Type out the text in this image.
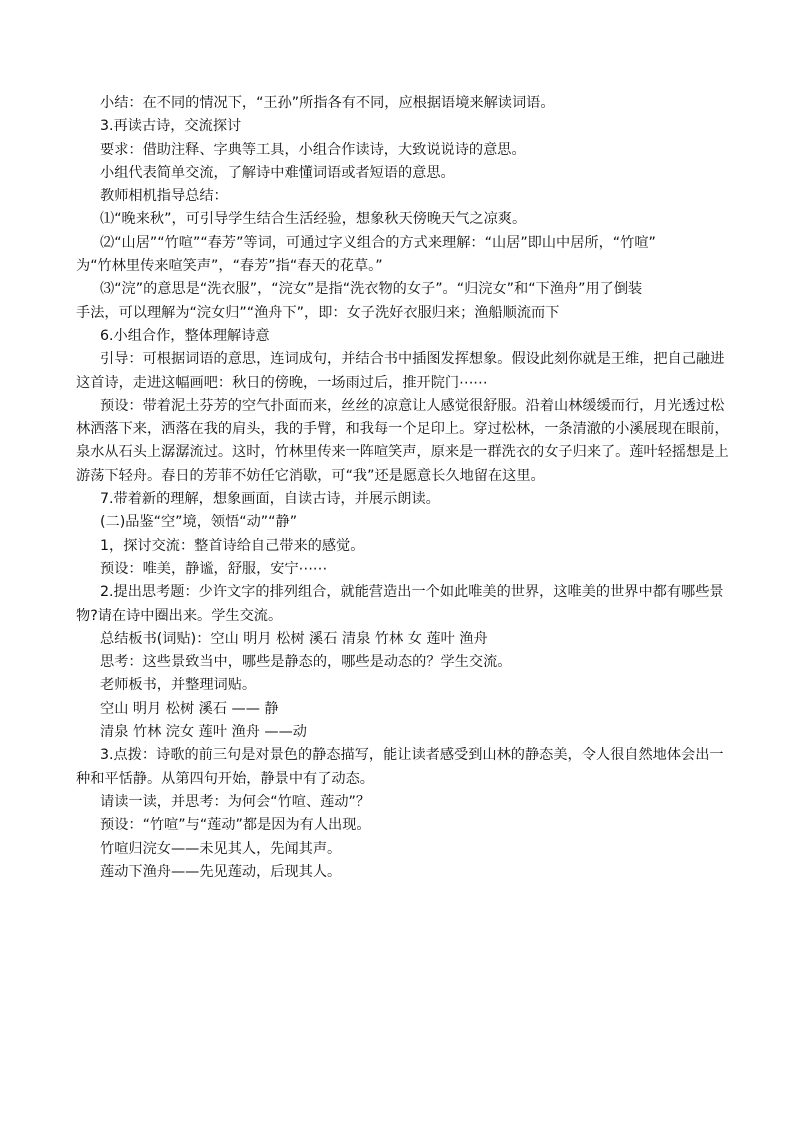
小结：在不同的情况下，“王孙”所指各有不同，应根据语境来解读词语。
3.再读古诗，交流探讨
要求：借助注释、字典等工具，小组合作读诗，大致说说诗的意思。
小组代表简单交流，了解诗中难懂词语或者短语的意思。
教师相机指导总结：
⑴“晚来秋”，可引导学生结合生活经验，想象秋天傍晚天气之凉爽。
⑵“山居”“竹喧”“春芳”等词，可通过字义组合的方式来理解：“山居”即山中居所，“竹喧”
为“竹林里传来喧笑声”，“春芳”指“春天的花草。”
⑶“浣”的意思是“洗衣服”，“浣女”是指“洗衣物的女子”。“归浣女”和“下渔舟”用了倒装
手法，可以理解为“浣女归”“渔舟下”，即：女子洗好衣服归来；渔船顺流而下
6.小组合作，整体理解诗意
引导：可根据词语的意思，连词成句，并结合书中插图发挥想象。假设此刻你就是王维，把自己融进
这首诗，走进这幅画吧：秋日的傍晚，一场雨过后，推开院门⋯⋯
预设：带着泥土芬芳的空气扑面而来，丝丝的凉意让人感觉很舒服。沿着山林缓缓而行，月光透过松
林洒落下来，洒落在我的肩头，我的手臂，和我每一个足印上。穿过松林，一条清澈的小溪展现在眼前，
泉水从石头上潺潺流过。这时，竹林里传来一阵喧笑声，原来是一群洗衣的女子归来了。莲叶轻摇想是上
游荡下轻舟。春日的芳菲不妨任它消歇，可“我”还是愿意长久地留在这里。
7.带着新的理解，想象画面，自读古诗，并展示朗读。
(二)品鉴“空”境，领悟“动”“静”
1，探讨交流：整首诗给自己带来的感觉。
预设：唯美，静谧，舒服，安宁⋯⋯
2.提出思考题：少许文字的排列组合，就能营造出一个如此唯美的世界，这唯美的世界中都有哪些景
物?请在诗中圈出来。学生交流。
总结板书(词贴)：空山 明月 松树 溪石 清泉 竹林 女 莲叶 渔舟
思考：这些景致当中，哪些是静态的，哪些是动态的？学生交流。
老师板书，并整理词贴。
空山 明月 松树 溪石 —— 静
清泉 竹林 浣女 莲叶 渔舟 ——动
3.点拨：诗歌的前三句是对景色的静态描写，能让读者感受到山林的静态美，令人很自然地体会出一
种和平恬静。从第四句开始，静景中有了动态。
请读一读，并思考：为何会“竹喧、莲动”？
预设：“竹喧”与“莲动”都是因为有人出现。
竹喧归浣女——未见其人，先闻其声。
莲动下渔舟——先见莲动，后现其人。
